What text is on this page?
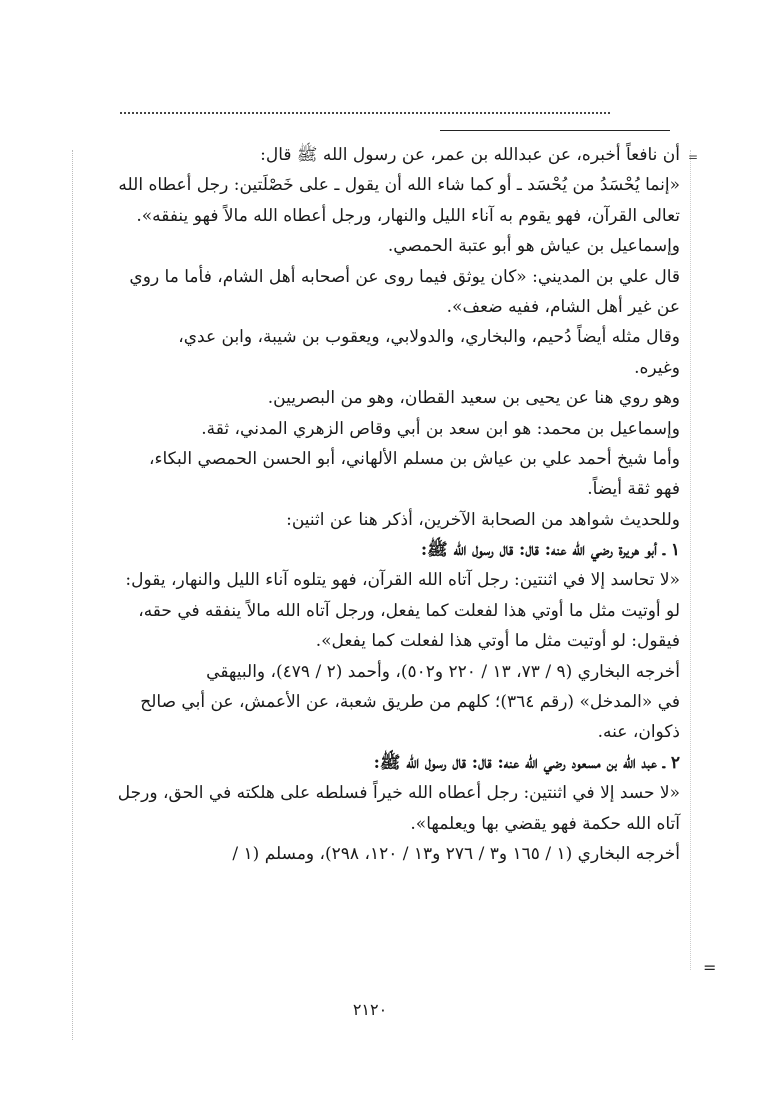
=
=
أن نافعاً أخبره، عن عبدالله بن عمر، عن رسول الله ﷺ قال:
«إنما يُحْسَدُ من يُحْسَد ـ أو كما شاء الله أن يقول ـ على خَصْلَتين: رجل أعطاه الله
تعالى القرآن، فهو يقوم به آناء الليل والنهار، ورجل أعطاه الله مالاً فهو ينفقه».
وإسماعيل بن عياش هو أبو عتبة الحمصي.
قال علي بن المديني: «كان يوثق فيما روى عن أصحابه أهل الشام، فأما ما روي
عن غير أهل الشام، ففيه ضعف».
وقال مثله أيضاً دُحيم، والبخاري، والدولابي، ويعقوب بن شيبة، وابن عدي،
وغيره.
وهو روي هنا عن يحيى بن سعيد القطان، وهو من البصريين.
وإسماعيل بن محمد: هو ابن سعد بن أبي وقاص الزهري المدني، ثقة.
وأما شيخ أحمد علي بن عياش بن مسلم الألهاني، أبو الحسن الحمصي البكاء،
فهو ثقة أيضاً.
وللحديث شواهد من الصحابة الآخرين، أذكر هنا عن اثنين:
١ ـ أبو هريرة رضي الله عنه: قال: قال رسول الله ﷺ:
«لا تحاسد إلا في اثنتين: رجل آتاه الله القرآن، فهو يتلوه آناء الليل والنهار، يقول:
لو أوتيت مثل ما أوتي هذا لفعلت كما يفعل، ورجل آتاه الله مالاً ينفقه في حقه،
فيقول: لو أوتيت مثل ما أوتي هذا لفعلت كما يفعل».
أخرجه البخاري (٩ / ٧٣، ١٣ / ٢٢٠ و٥٠٢)، وأحمد (٢ / ٤٧٩)، والبيهقي
في «المدخل» (رقم ٣٦٤)؛ كلهم من طريق شعبة، عن الأعمش، عن أبي صالح
ذكوان، عنه.
٢ ـ عبد الله بن مسعود رضي الله عنه: قال: قال رسول الله ﷺ:
«لا حسد إلا في اثنتين: رجل أعطاه الله خيراً فسلطه على هلكته في الحق، ورجل
آتاه الله حكمة فهو يقضي بها ويعلمها».
أخرجه البخاري (١ / ١٦٥ و٣ / ٢٧٦ و١٣ / ١٢٠، ٢٩٨)، ومسلم (١ /
٢١٢٠
